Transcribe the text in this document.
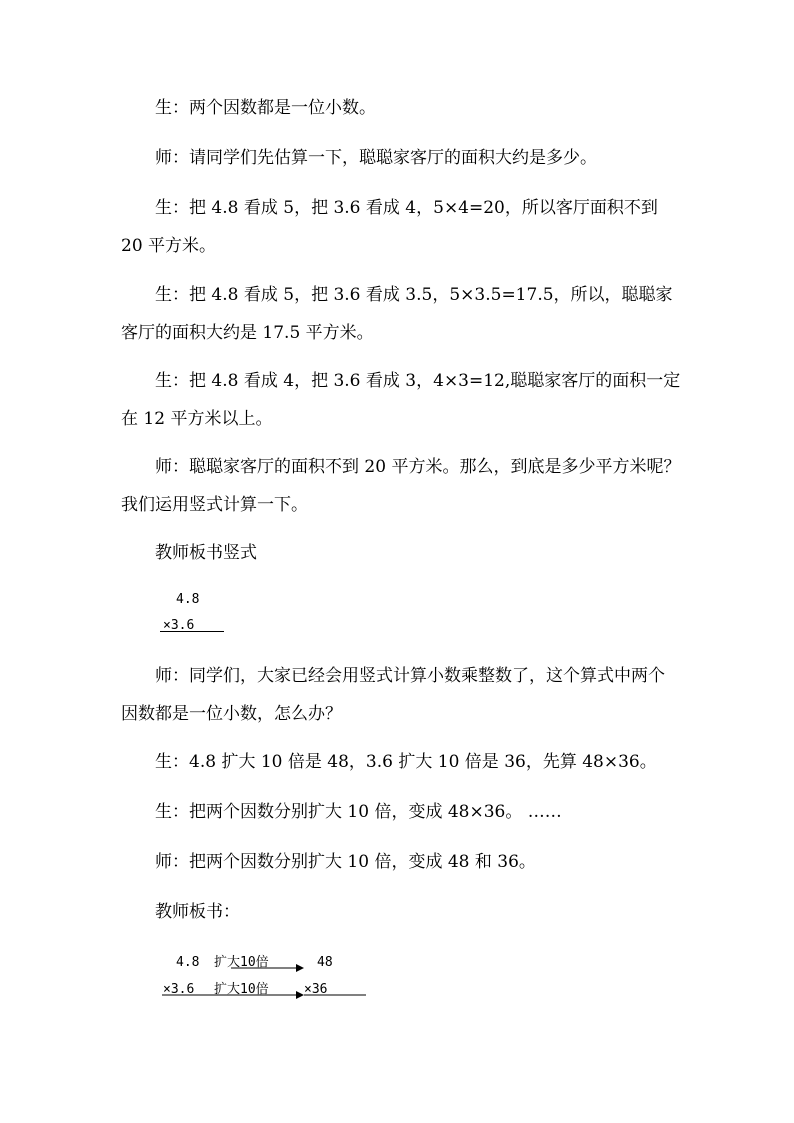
生：两个因数都是一位小数。

师：请同学们先估算一下，聪聪家客厅的面积大约是多少。

生：把 4.8 看成 5，把 3.6 看成 4，5×4=20，所以客厅面积不到 20 平方米。

生：把 4.8 看成 5，把 3.6 看成 3.5，5×3.5=17.5，所以，聪聪家客厅的面积大约是 17.5 平方米。

生：把 4.8 看成 4，把 3.6 看成 3，4×3=12,聪聪家客厅的面积一定在 12 平方米以上。

师：聪聪家客厅的面积不到 20 平方米。那么，到底是多少平方米呢？我们运用竖式计算一下。

教师板书竖式

4.8
×3.6

师：同学们，大家已经会用竖式计算小数乘整数了，这个算式中两个因数都是一位小数，怎么办？

生：4.8 扩大 10 倍是 48，3.6 扩大 10 倍是 36，先算 48×36。

生：把两个因数分别扩大 10 倍，变成 48×36。 ……

师：把两个因数分别扩大 10 倍，变成 48 和 36。

教师板书：

4.8 扩大10倍	48
×3.6 扩大10倍	×36
